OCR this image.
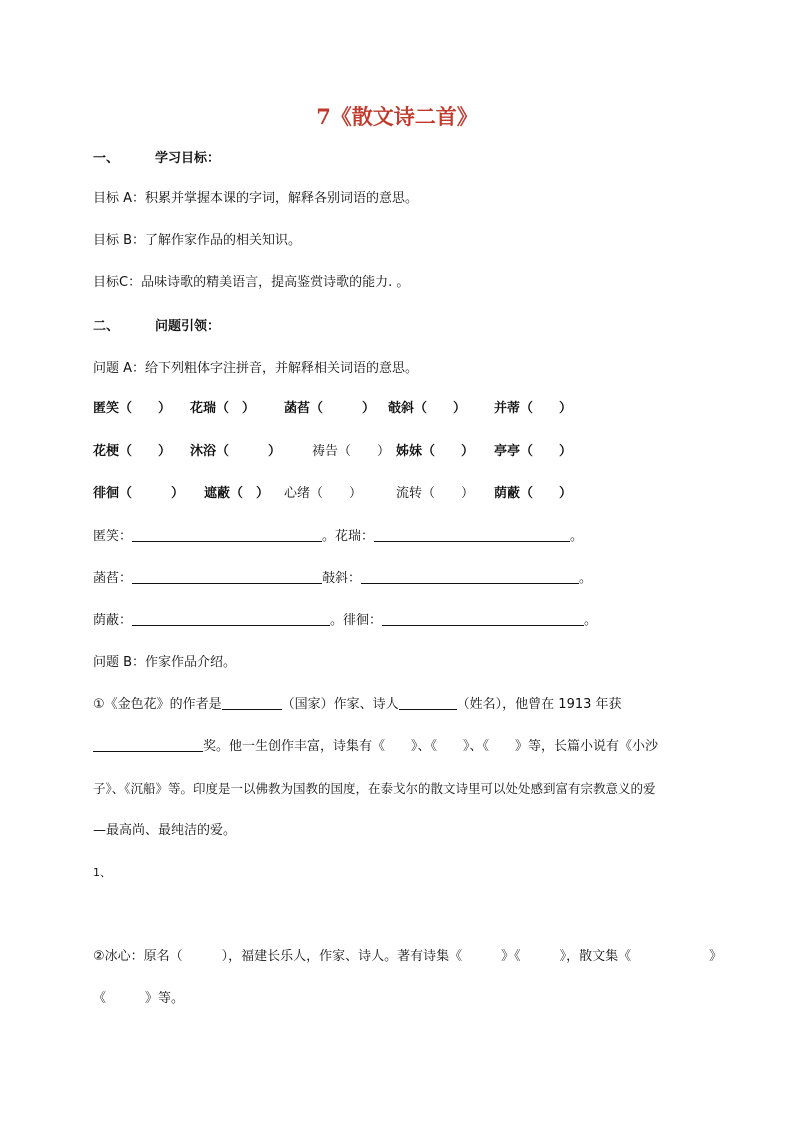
7《散文诗二首》
一、	学习目标：
目标 A：积累并掌握本课的字词，解释各别词语的意思。
目标 B：了解作家作品的相关知识。
目标C：品味诗歌的精美语言，提高鉴赏诗歌的能力. 。
二、	问题引领：
问题 A：给下列粗体字注拼音，并解释相关词语的意思。
匿笑（　　） 花瑞（　） 菡萏（　　　） 攲斜（　　） 并蒂（　　）
花梗（　　） 沐浴（　　　） 祷告（　　） 姊妹（　　） 亭亭（　　）
徘徊（　　　） 遮蔽（　） 心绪（　　）	流转（　　） 荫蔽（　　）
匿笑：	。花瑞：	。
菡萏：	攲斜：	。
荫蔽：	。徘徊：	。
问题 B：作家作品介绍。
①《金色花》的作者是	（国家）作家、诗人	（姓名），他曾在 1913 年获
奖。他一生创作丰富，诗集有《　　》、《　　》、《　　》等，长篇小说有《小沙
子》、《沉船》等。印度是一以佛教为国教的国度，在泰戈尔的散文诗里可以处处感到富有宗教意义的爱
—最高尚、最纯洁的爱。
1、
②冰心：原名（　　　），福建长乐人，作家、诗人。著有诗集《　　　》《　　　》，散文集《　　　　　　》
《　　　》等。
